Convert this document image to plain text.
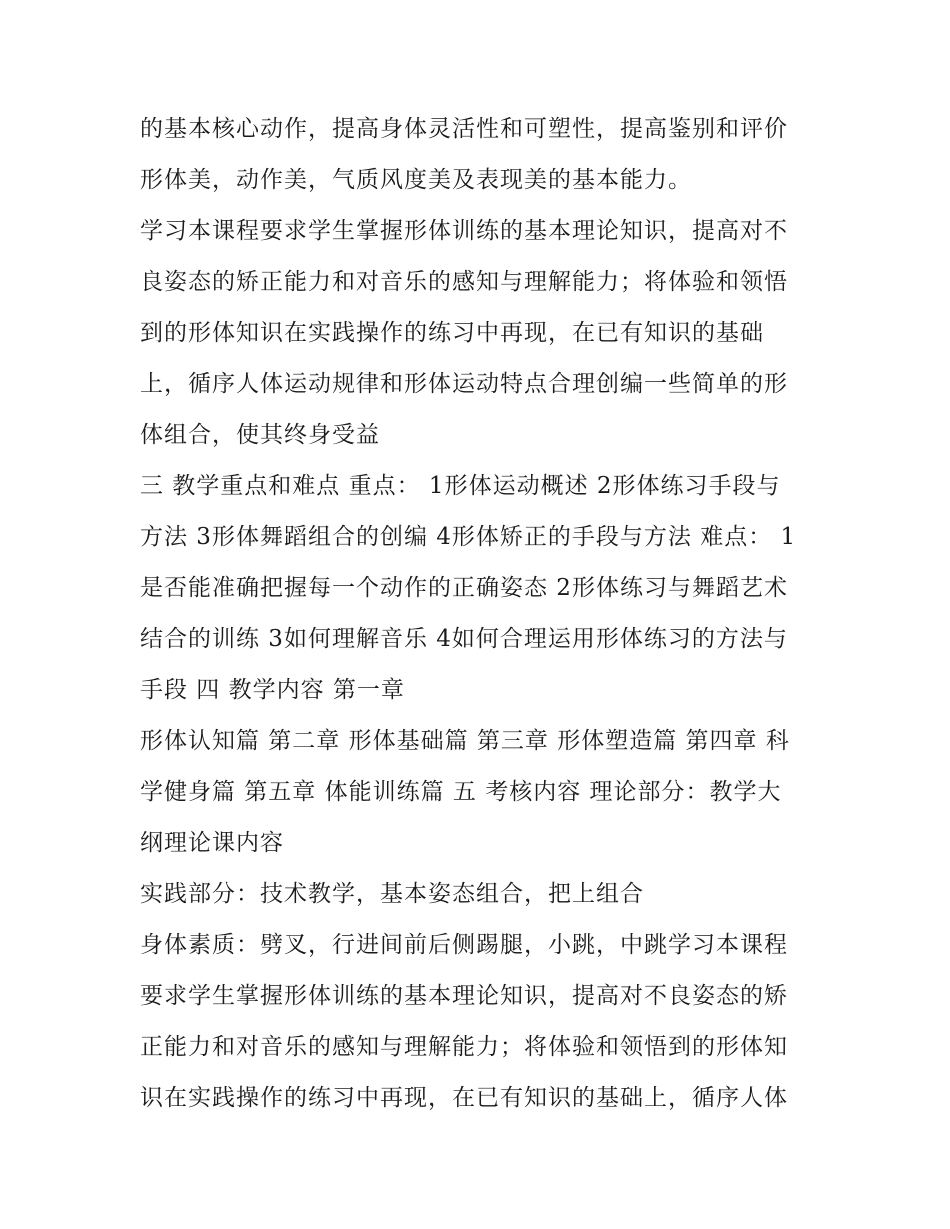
的基本核心动作，提高身体灵活性和可塑性，提高鉴别和评价
形体美，动作美，气质风度美及表现美的基本能力。
学习本课程要求学生掌握形体训练的基本理论知识，提高对不
良姿态的矫正能力和对音乐的感知与理解能力；将体验和领悟
到的形体知识在实践操作的练习中再现，在已有知识的基础
上，循序人体运动规律和形体运动特点合理创编一些简单的形
体组合，使其终身受益
三 教学重点和难点 重点： 1形体运动概述 2形体练习手段与
方法 3形体舞蹈组合的创编 4形体矫正的手段与方法 难点： 1
是否能准确把握每一个动作的正确姿态 2形体练习与舞蹈艺术
结合的训练 3如何理解音乐 4如何合理运用形体练习的方法与
手段 四 教学内容 第一章
形体认知篇 第二章 形体基础篇 第三章 形体塑造篇 第四章 科
学健身篇 第五章 体能训练篇 五 考核内容 理论部分：教学大
纲理论课内容
实践部分：技术教学，基本姿态组合，把上组合
身体素质：劈叉，行进间前后侧踢腿，小跳，中跳学习本课程
要求学生掌握形体训练的基本理论知识，提高对不良姿态的矫
正能力和对音乐的感知与理解能力；将体验和领悟到的形体知
识在实践操作的练习中再现，在已有知识的基础上，循序人体
